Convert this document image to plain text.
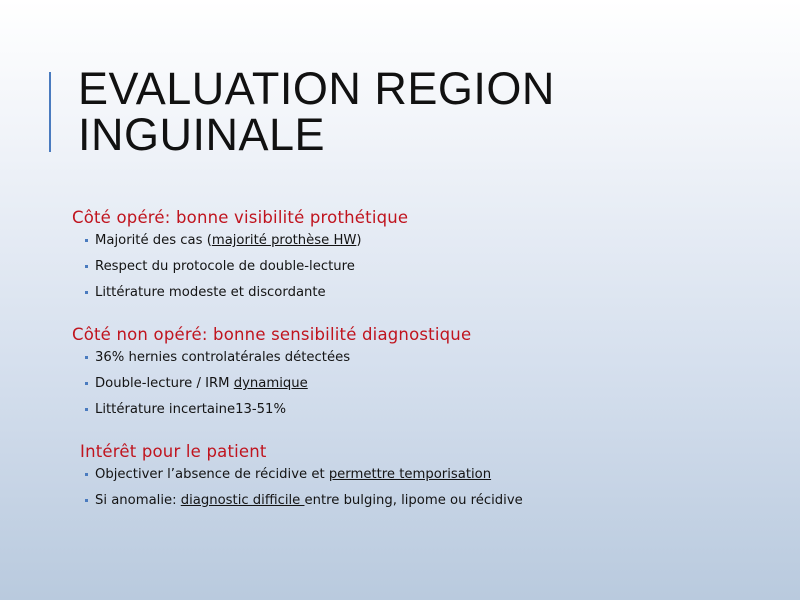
EVALUATION REGION
INGUINALE
Côté opéré: bonne visibilité prothétique
Majorité des cas (majorité prothèse HW)
Respect du protocole de double-lecture
Littérature modeste et discordante
Côté non opéré: bonne sensibilité diagnostique
36% hernies controlatérales détectées
Double-lecture / IRM dynamique
Littérature incertaine13-51%
Intérêt pour le patient
Objectiver l’absence de récidive et permettre temporisation
Si anomalie: diagnostic difficile entre bulging, lipome ou récidive
